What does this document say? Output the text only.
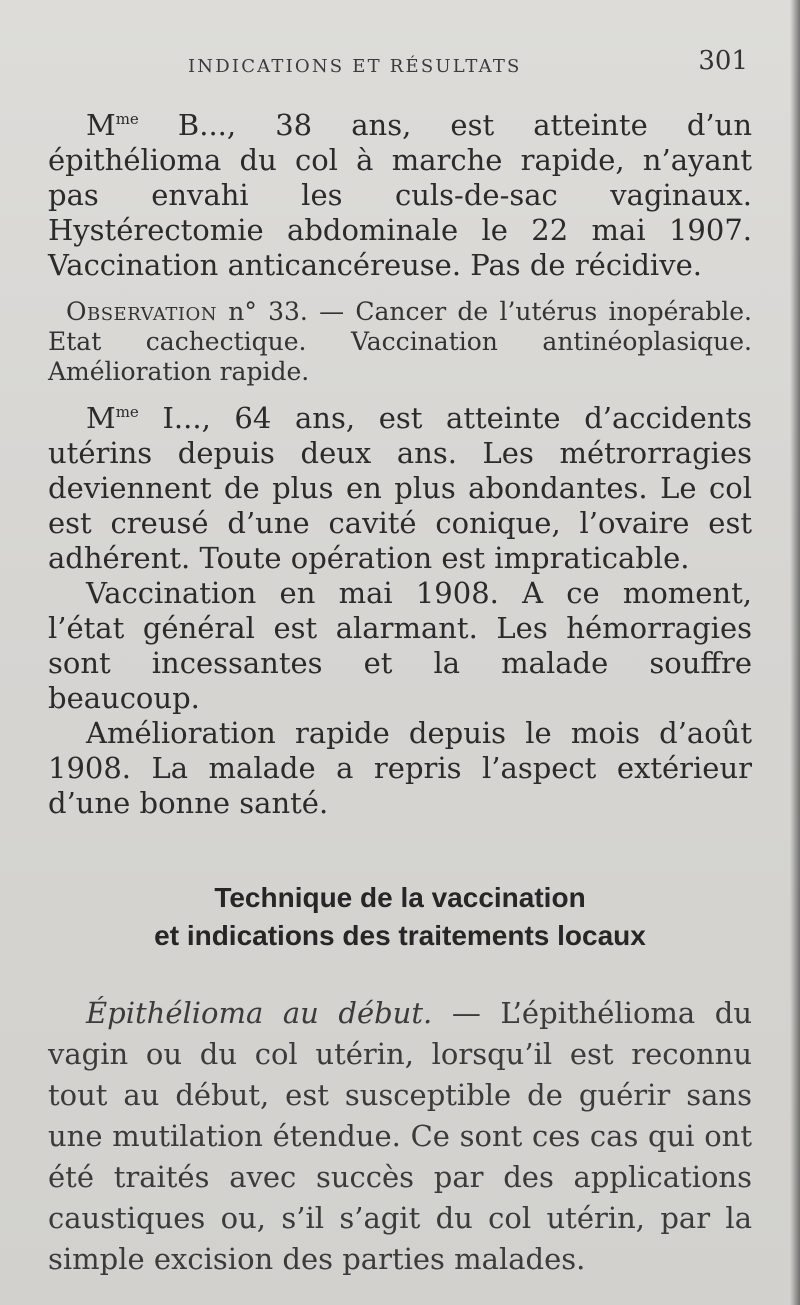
INDICATIONS ET RÉSULTATS	301

$M^{me}$ B..., 38 ans, est atteinte d’un épithélioma du col à marche rapide, n’ayant pas envahi les culs-de-sac vaginaux. Hystérectomie abdominale le 22 mai 1907. Vaccination anticancéreuse. Pas de récidive.

Observation n° 33. — Cancer de l’utérus inopérable. Etat cachectique. Vaccination antinéoplasique. Amélioration rapide.

$M^{me}$ I..., 64 ans, est atteinte d’accidents utérins depuis deux ans. Les métrorragies deviennent de plus en plus abondantes. Le col est creusé d’une cavité conique, l’ovaire est adhérent. Toute opération est impraticable.

Vaccination en mai 1908. A ce moment, l’état général est alarmant. Les hémorragies sont incessantes et la malade souffre beaucoup.

Amélioration rapide depuis le mois d’août 1908. La malade a repris l’aspect extérieur d’une bonne santé.

Technique de la vaccination
et indications des traitements locaux

Épithélioma au début. — L’épithélioma du vagin ou du col utérin, lorsqu’il est reconnu tout au début, est susceptible de guérir sans une mutilation étendue. Ce sont ces cas qui ont été traités avec succès par des applications caustiques ou, s’il s’agit du col utérin, par la simple excision des parties malades.
